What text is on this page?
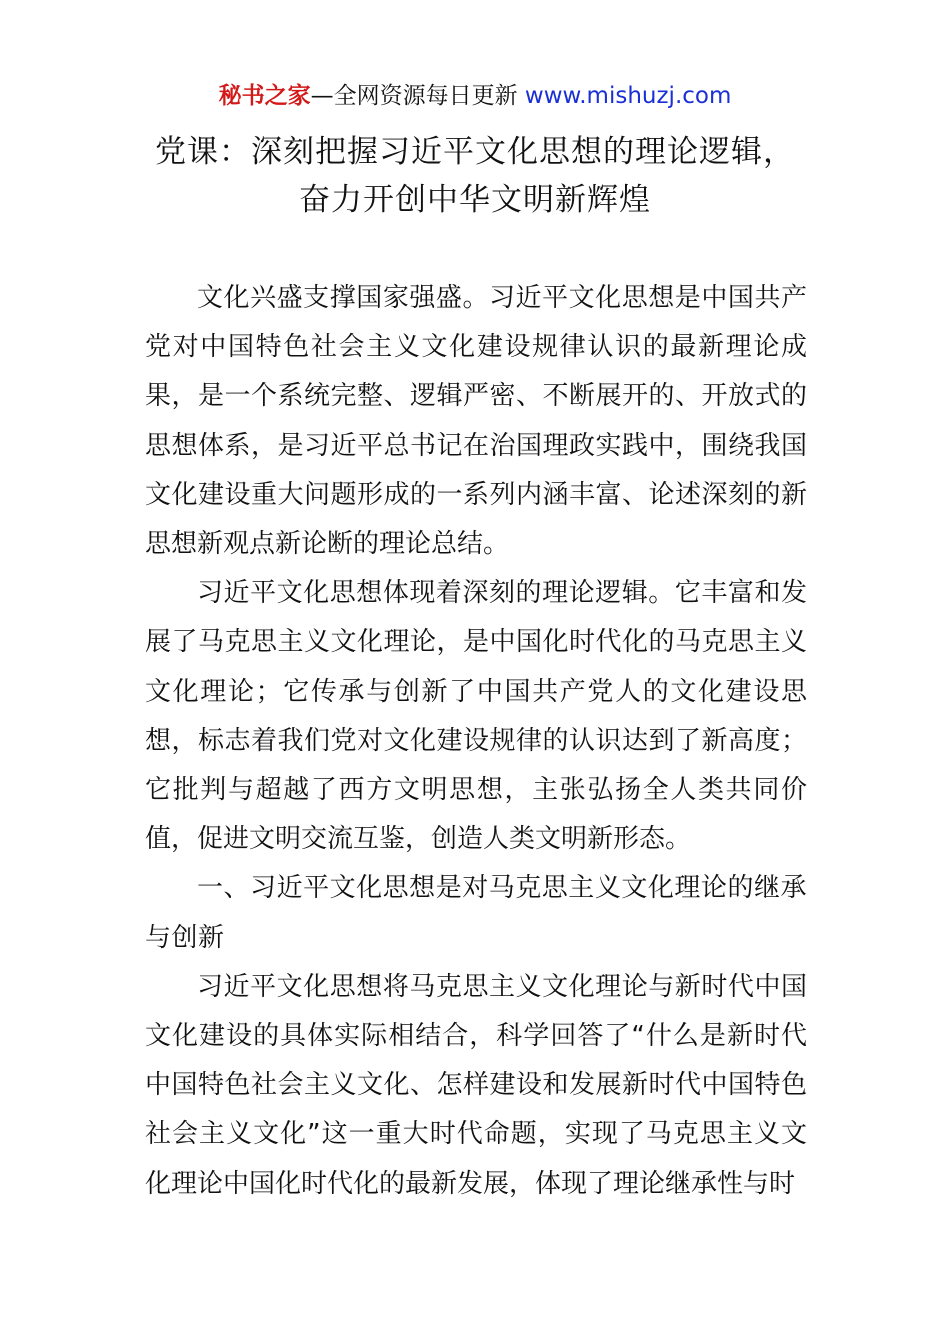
秘书之家—全网资源每日更新 www.mishuzj.com
党课：深刻把握习近平文化思想的理论逻辑，
奋力开创中华文明新辉煌

文化兴盛支撑国家强盛。习近平文化思想是中国共产党对中国特色社会主义文化建设规律认识的最新理论成果，是一个系统完整、逻辑严密、不断展开的、开放式的思想体系，是习近平总书记在治国理政实践中，围绕我国文化建设重大问题形成的一系列内涵丰富、论述深刻的新思想新观点新论断的理论总结。

习近平文化思想体现着深刻的理论逻辑。它丰富和发展了马克思主义文化理论，是中国化时代化的马克思主义文化理论；它传承与创新了中国共产党人的文化建设思想，标志着我们党对文化建设规律的认识达到了新高度；它批判与超越了西方文明思想，主张弘扬全人类共同价值，促进文明交流互鉴，创造人类文明新形态。

一、习近平文化思想是对马克思主义文化理论的继承与创新

习近平文化思想将马克思主义文化理论与新时代中国文化建设的具体实际相结合，科学回答了“什么是新时代中国特色社会主义文化、怎样建设和发展新时代中国特色社会主义文化”这一重大时代命题，实现了马克思主义文化理论中国化时代化的最新发展，体现了理论继承性与时
